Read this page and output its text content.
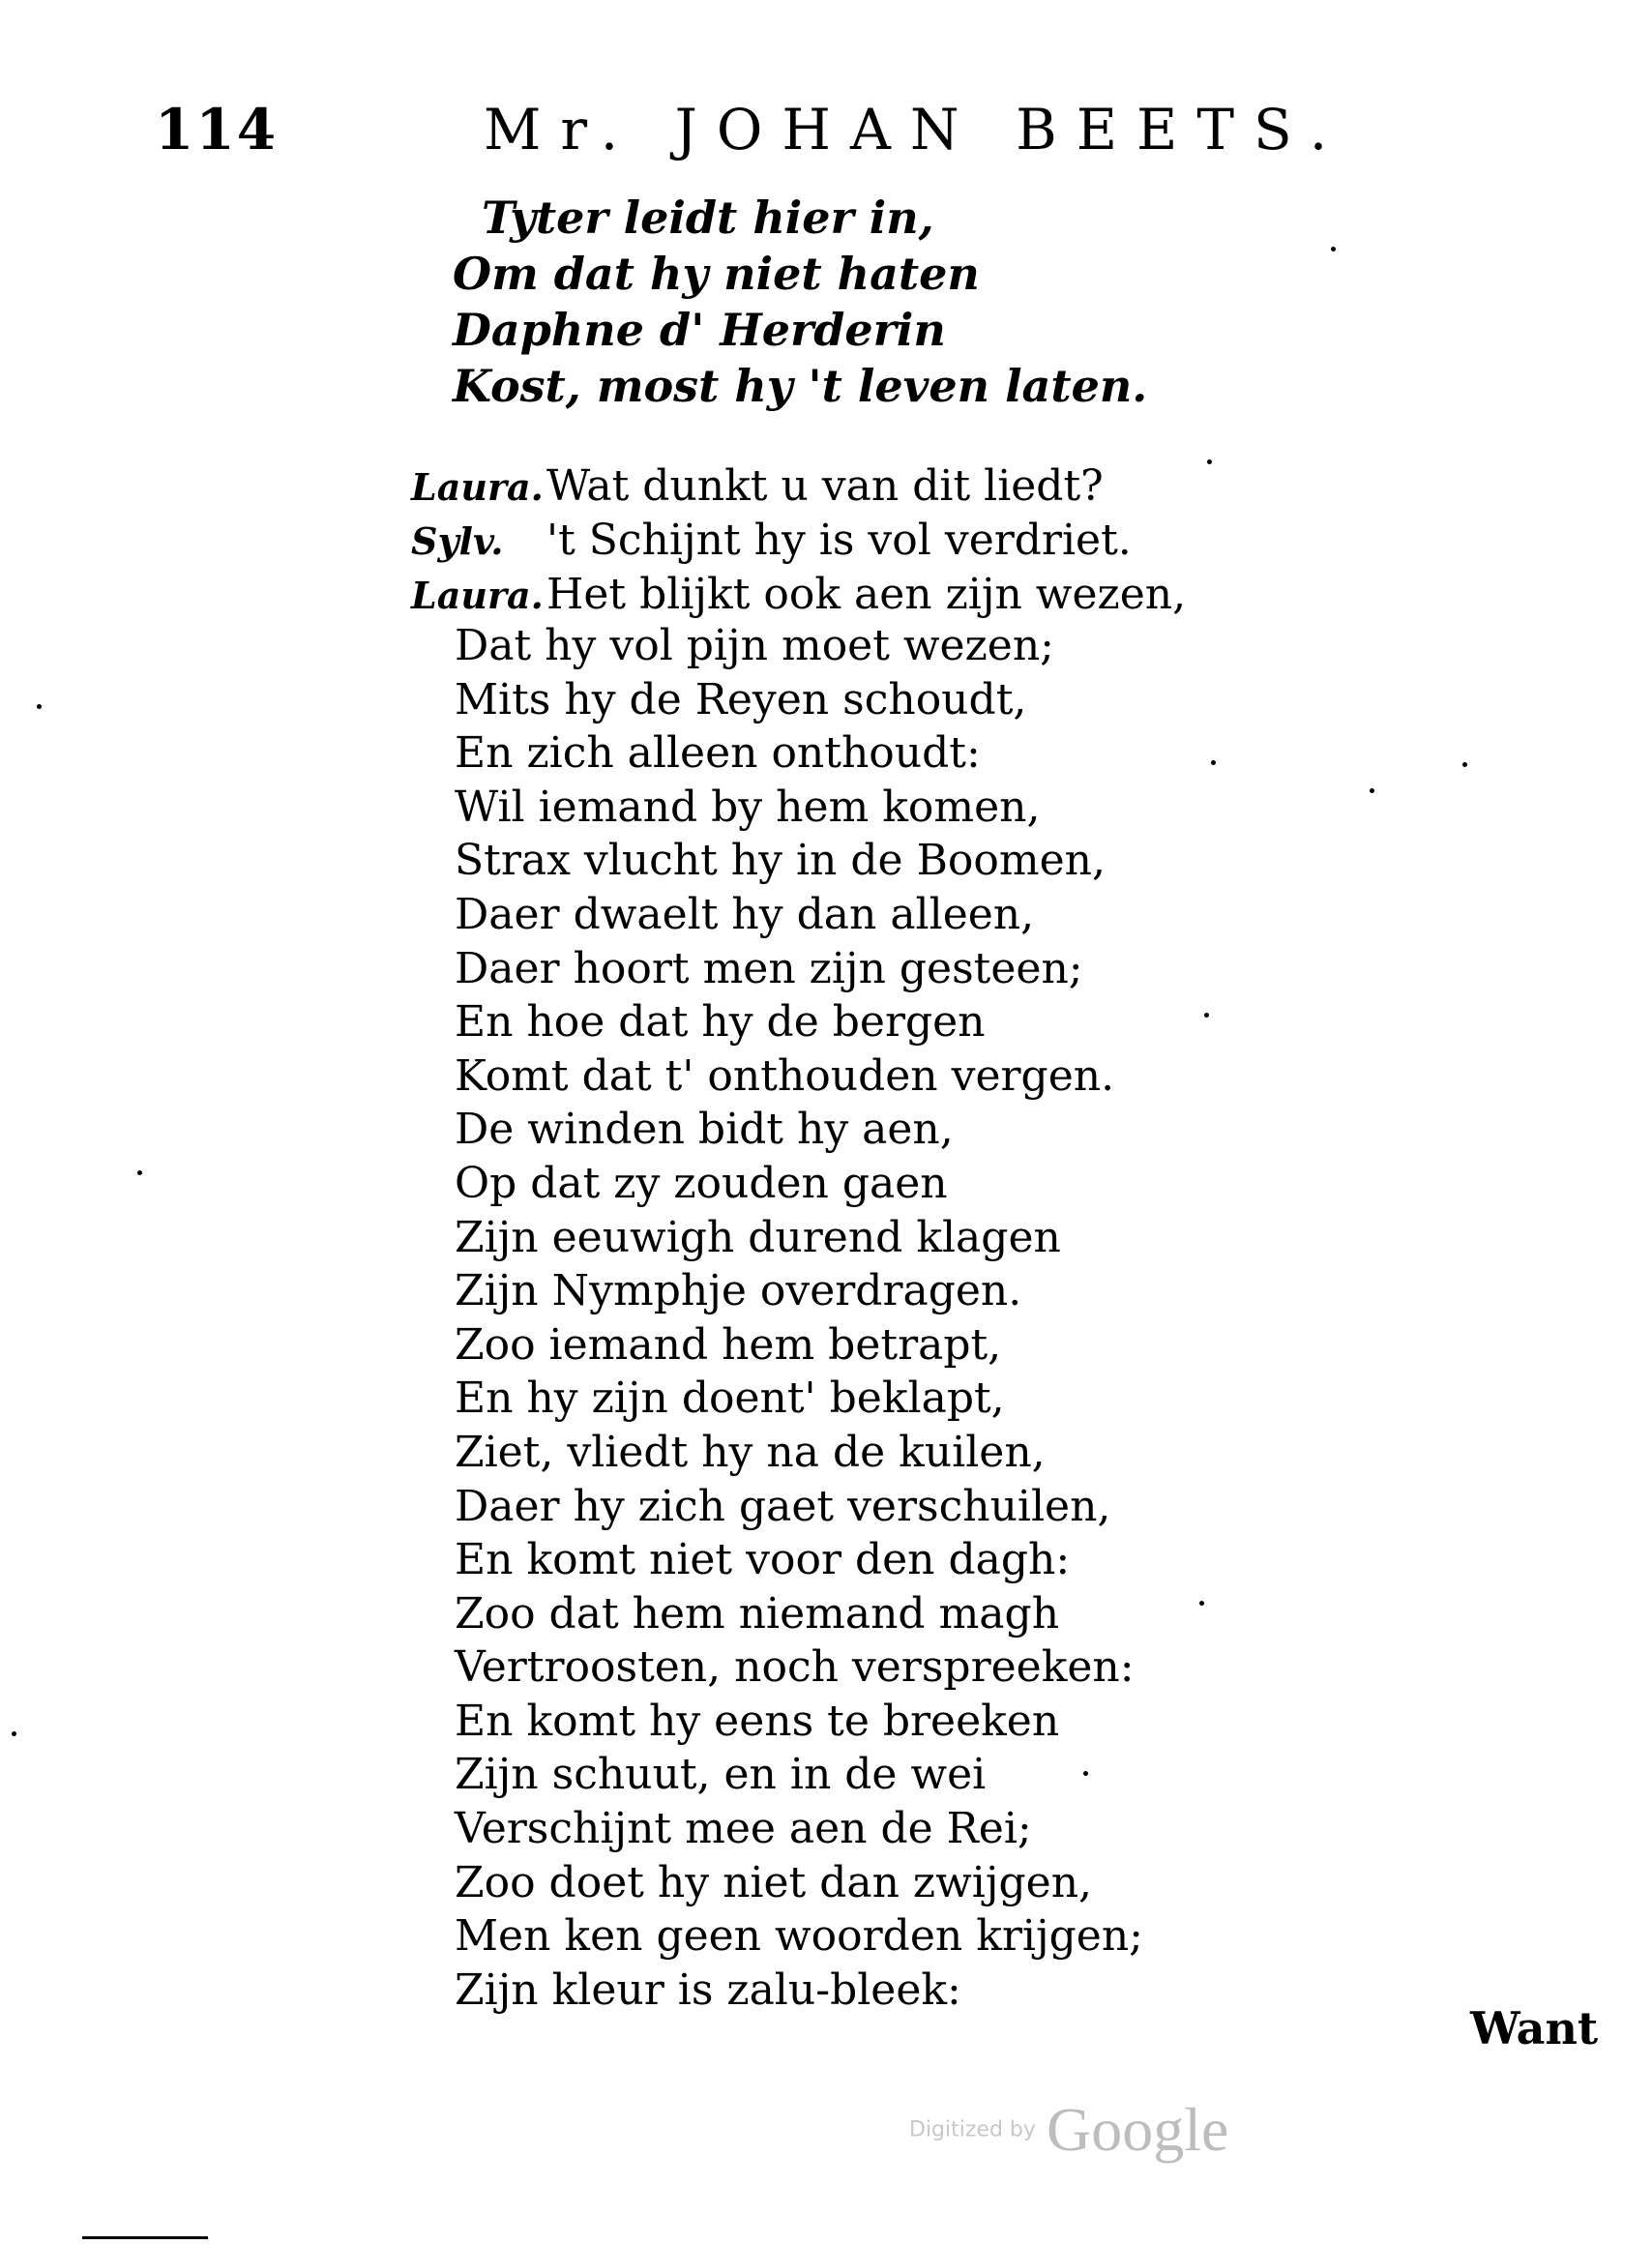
114	Mr. JOHAN BEETS.
Tyter leidt hier in,
Om dat hy niet haten
Daphne d' Herderin
Kost, most hy 't leven laten.
Laura.Wat dunkt u van dit liedt?
Sylv. 't Schijnt hy is vol verdriet.
Laura.Het blijkt ook aen zijn wezen,
Dat hy vol pijn moet wezen;
Mits hy de Reyen schoudt,
En zich alleen onthoudt:
Wil iemand by hem komen,
Strax vlucht hy in de Boomen,
Daer dwaelt hy dan alleen,
Daer hoort men zijn gesteen;
En hoe dat hy de bergen
Komt dat t' onthouden vergen.
De winden bidt hy aen,
Op dat zy zouden gaen
Zijn eeuwigh durend klagen
Zijn Nymphje overdragen.
Zoo iemand hem betrapt,
En hy zijn doent' beklapt,
Ziet, vliedt hy na de kuilen,
Daer hy zich gaet verschuilen,
En komt niet voor den dagh:
Zoo dat hem niemand magh
Vertroosten, noch verspreeken:
En komt hy eens te breeken
Zijn schuut, en in de wei
Verschijnt mee aen de Rei;
Zoo doet hy niet dan zwijgen,
Men ken geen woorden krijgen;
Zijn kleur is zalu-bleek:
Want
Digitized by Google
